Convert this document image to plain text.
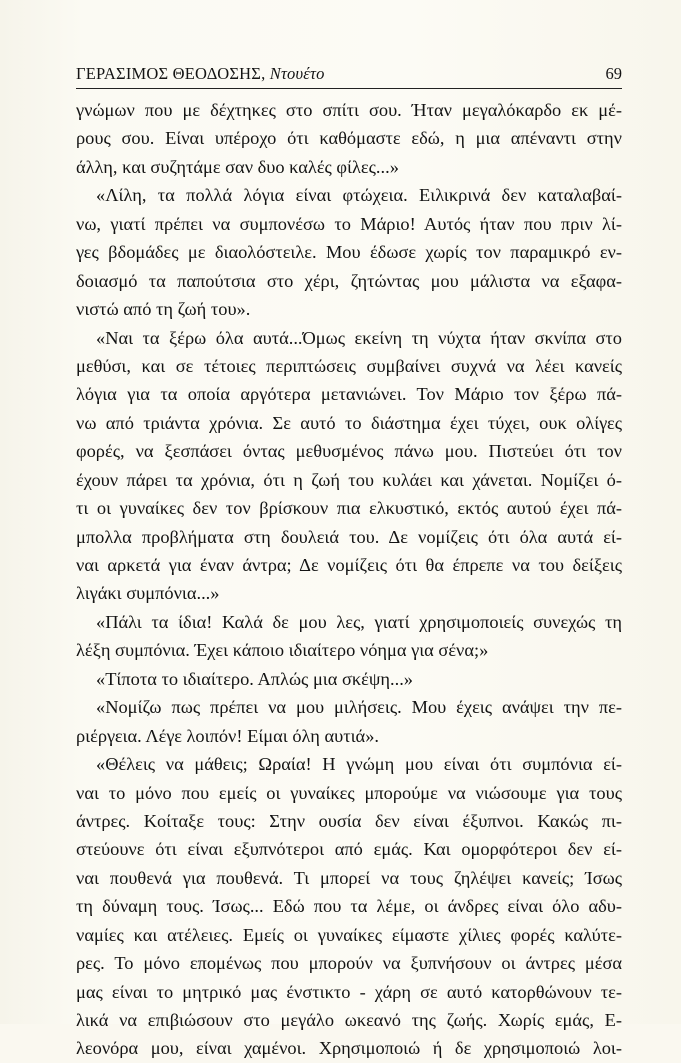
ΓΕΡΑΣΙΜΟΣ ΘΕΟΔΟΣΗΣ, Ντουέτο	69
γνώμων που με δέχτηκες στο σπίτι σου. Ήταν μεγαλόκαρδο εκ μέ-
ρους σου. Είναι υπέροχο ότι καθόμαστε εδώ, η μια απέναντι στην
άλλη, και συζητάμε σαν δυο καλές φίλες...»
«Λίλη, τα πολλά λόγια είναι φτώχεια. Ειλικρινά δεν καταλαβαί-
νω, γιατί πρέπει να συμπονέσω το Μάριο! Αυτός ήταν που πριν λί-
γες βδομάδες με διαολόστειλε. Μου έδωσε χωρίς τον παραμικρό εν-
δοιασμό τα παπούτσια στο χέρι, ζητώντας μου μάλιστα να εξαφα-
νιστώ από τη ζωή του».
«Ναι τα ξέρω όλα αυτά...Όμως εκείνη τη νύχτα ήταν σκνίπα στο
μεθύσι, και σε τέτοιες περιπτώσεις συμβαίνει συχνά να λέει κανείς
λόγια για τα οποία αργότερα μετανιώνει. Τον Μάριο τον ξέρω πά-
νω από τριάντα χρόνια. Σε αυτό το διάστημα έχει τύχει, ουκ ολίγες
φορές, να ξεσπάσει όντας μεθυσμένος πάνω μου. Πιστεύει ότι τον
έχουν πάρει τα χρόνια, ότι η ζωή του κυλάει και χάνεται. Νομίζει ό-
τι οι γυναίκες δεν τον βρίσκουν πια ελκυστικό, εκτός αυτού έχει πά-
μπολλα προβλήματα στη δουλειά του. Δε νομίζεις ότι όλα αυτά εί-
ναι αρκετά για έναν άντρα; Δε νομίζεις ότι θα έπρεπε να του δείξεις
λιγάκι συμπόνια...»
«Πάλι τα ίδια! Καλά δε μου λες, γιατί χρησιμοποιείς συνεχώς τη
λέξη συμπόνια. Έχει κάποιο ιδιαίτερο νόημα για σένα;»
«Τίποτα το ιδιαίτερο. Απλώς μια σκέψη...»
«Νομίζω πως πρέπει να μου μιλήσεις. Μου έχεις ανάψει την πε-
ριέργεια. Λέγε λοιπόν! Είμαι όλη αυτιά».
«Θέλεις να μάθεις; Ωραία! Η γνώμη μου είναι ότι συμπόνια εί-
ναι το μόνο που εμείς οι γυναίκες μπορούμε να νιώσουμε για τους
άντρες. Κοίταξε τους: Στην ουσία δεν είναι έξυπνοι. Κακώς πι-
στεύουνε ότι είναι εξυπνότεροι από εμάς. Και ομορφότεροι δεν εί-
ναι πουθενά για πουθενά. Τι μπορεί να τους ζηλέψει κανείς; Ίσως
τη δύναμη τους. Ίσως... Εδώ που τα λέμε, οι άνδρες είναι όλο αδυ-
ναμίες και ατέλειες. Εμείς οι γυναίκες είμαστε χίλιες φορές καλύτε-
ρες. Το μόνο επομένως που μπορούν να ξυπνήσουν οι άντρες μέσα
μας είναι το μητρικό μας ένστικτο - χάρη σε αυτό κατορθώνουν τε-
λικά να επιβιώσουν στο μεγάλο ωκεανό της ζωής. Χωρίς εμάς, Ε-
λεονόρα μου, είναι χαμένοι. Χρησιμοποιώ ή δε χρησιμοποιώ λοι-
